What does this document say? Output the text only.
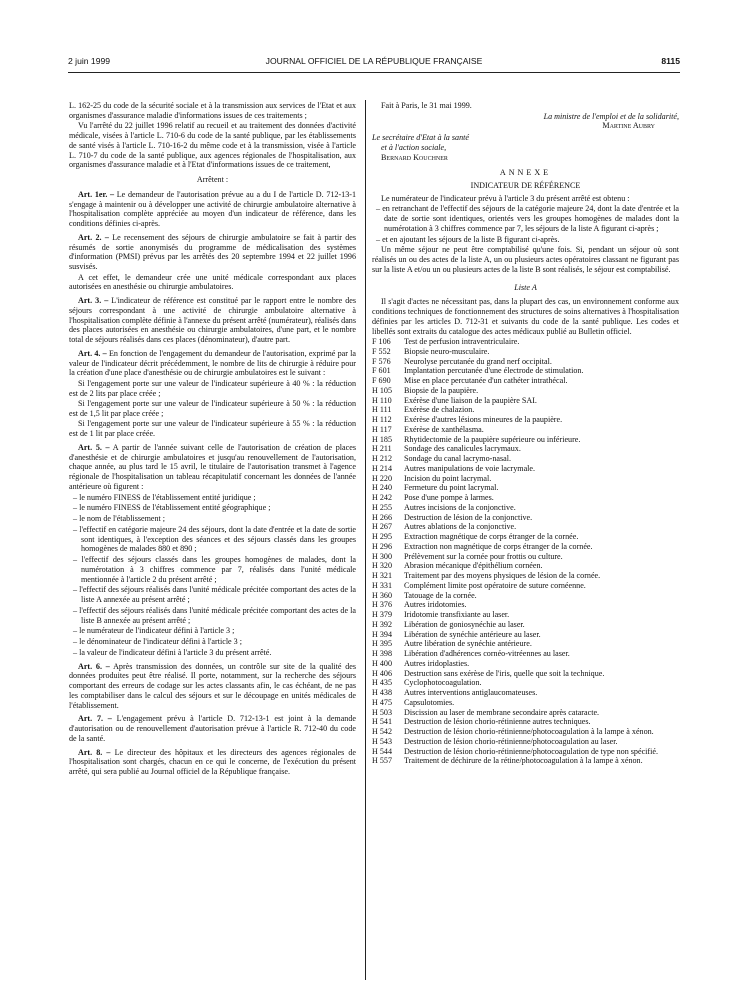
2 juin 1999	JOURNAL OFFICIEL DE LA RÉPUBLIQUE FRANÇAISE	8115

L. 162-25 du code de la sécurité sociale et à la transmission aux services de l'Etat et aux organismes d'assurance maladie d'informations issues de ces traitements ;

Vu l'arrêté du 22 juillet 1996 relatif au recueil et au traitement des données d'activité médicale, visées à l'article L. 710-6 du code de la santé publique, par les établissements de santé visés à l'article L. 710-16-2 du même code et à la transmission, visée à l'article L. 710-7 du code de la santé publique, aux agences régionales de l'hospitalisation, aux organismes d'assurance maladie et à l'Etat d'informations issues de ce traitement,

Arrêtent :

Art. 1er. – Le demandeur de l'autorisation prévue au a du I de l'article D. 712-13-1 s'engage à maintenir ou à développer une activité de chirurgie ambulatoire alternative à l'hospitalisation complète appréciée au moyen d'un indicateur de référence, dans les conditions définies ci-après.

Art. 2. – Le recensement des séjours de chirurgie ambulatoire se fait à partir des résumés de sortie anonymisés du programme de médicalisation des systèmes d'information (PMSI) prévus par les arrêtés des 20 septembre 1994 et 22 juillet 1996 susvisés.

A cet effet, le demandeur crée une unité médicale correspondant aux places autorisées en anesthésie ou chirurgie ambulatoires.

Art. 3. – L'indicateur de référence est constitué par le rapport entre le nombre des séjours correspondant à une activité de chirurgie ambulatoire alternative à l'hospitalisation complète définie à l'annexe du présent arrêté (numérateur), réalisés dans des places autorisées en anesthésie ou chirurgie ambulatoires, d'une part, et le nombre total de séjours réalisés dans ces places (dénominateur), d'autre part.

Art. 4. – En fonction de l'engagement du demandeur de l'autorisation, exprimé par la valeur de l'indicateur décrit précédemment, le nombre de lits de chirurgie à réduire pour la création d'une place d'anesthésie ou de chirurgie ambulatoires est le suivant :

Si l'engagement porte sur une valeur de l'indicateur supérieure à 40 % : la réduction est de 2 lits par place créée ;

Si l'engagement porte sur une valeur de l'indicateur supérieure à 50 % : la réduction est de 1,5 lit par place créée ;

Si l'engagement porte sur une valeur de l'indicateur supérieure à 55 % : la réduction est de 1 lit par place créée.

Art. 5. – A partir de l'année suivant celle de l'autorisation de création de places d'anesthésie et de chirurgie ambulatoires et jusqu'au renouvellement de l'autorisation, chaque année, au plus tard le 15 avril, le titulaire de l'autorisation transmet à l'agence régionale de l'hospitalisation un tableau récapitulatif concernant les données de l'année antérieure où figurent :

– le numéro FINESS de l'établissement entité juridique ;
– le numéro FINESS de l'établissement entité géographique ;
– le nom de l'établissement ;
– l'effectif en catégorie majeure 24 des séjours, dont la date d'entrée et la date de sortie sont identiques, à l'exception des séances et des séjours classés dans les groupes homogènes de malades 880 et 890 ;
– l'effectif des séjours classés dans les groupes homogènes de malades, dont la numérotation à 3 chiffres commence par 7, réalisés dans l'unité médicale mentionnée à l'article 2 du présent arrêté ;
– l'effectif des séjours réalisés dans l'unité médicale précitée comportant des actes de la liste A annexée au présent arrêté ;
– l'effectif des séjours réalisés dans l'unité médicale précitée comportant des actes de la liste B annexée au présent arrêté ;
– le numérateur de l'indicateur défini à l'article 3 ;
– le dénominateur de l'indicateur défini à l'article 3 ;
– la valeur de l'indicateur défini à l'article 3 du présent arrêté.

Art. 6. – Après transmission des données, un contrôle sur site de la qualité des données produites peut être réalisé. Il porte, notamment, sur la recherche des séjours comportant des erreurs de codage sur les actes classants afin, le cas échéant, de ne pas les comptabiliser dans le calcul des séjours et sur le découpage en unités médicales de l'établissement.

Art. 7. – L'engagement prévu à l'article D. 712-13-1 est joint à la demande d'autorisation ou de renouvellement d'autorisation prévue à l'article R. 712-40 du code de la santé.

Art. 8. – Le directeur des hôpitaux et les directeurs des agences régionales de l'hospitalisation sont chargés, chacun en ce qui le concerne, de l'exécution du présent arrêté, qui sera publié au Journal officiel de la République française.

Fait à Paris, le 31 mai 1999.

La ministre de l'emploi et de la solidarité,
Martine Aubry
Le secrétaire d'Etat à la santé
et à l'action sociale,
Bernard Kouchner
ANNEXE
INDICATEUR DE RÉFÉRENCE

Le numérateur de l'indicateur prévu à l'article 3 du présent arrêté est obtenu :

– en retranchant de l'effectif des séjours de la catégorie majeure 24, dont la date d'entrée et la date de sortie sont identiques, orientés vers les groupes homogènes de malades dont la numérotation à 3 chiffres commence par 7, les séjours de la liste A figurant ci-après ;
– et en ajoutant les séjours de la liste B figurant ci-après.

Un même séjour ne peut être comptabilisé qu'une fois. Si, pendant un séjour où sont réalisés un ou des actes de la liste A, un ou plusieurs actes opératoires classant ne figurant pas sur la liste A et/ou un ou plusieurs actes de la liste B sont réalisés, le séjour est comptabilisé.

Liste A

Il s'agit d'actes ne nécessitant pas, dans la plupart des cas, un environnement conforme aux conditions techniques de fonctionnement des structures de soins alternatives à l'hospitalisation définies par les articles D. 712-31 et suivants du code de la santé publique. Les codes et libellés sont extraits du catalogue des actes médicaux publié au Bulletin officiel.

F 106	Test de perfusion intraventriculaire.
F 552	Biopsie neuro-musculaire.
F 576	Neurolyse percutanée du grand nerf occipital.
F 601	Implantation percutanée d'une électrode de stimulation.
F 690	Mise en place percutanée d'un cathéter intrathécal.
H 105	Biopsie de la paupière.
H 110	Exérèse d'une liaison de la paupière SAI.
H 111	Exérèse de chalazion.
H 112	Exérèse d'autres lésions mineures de la paupière.
H 117	Exérèse de xanthélasma.
H 185	Rhytidectomie de la paupière supérieure ou inférieure.
H 211	Sondage des canalicules lacrymaux.
H 212	Sondage du canal lacrymo-nasal.
H 214	Autres manipulations de voie lacrymale.
H 220	Incision du point lacrymal.
H 240	Fermeture du point lacrymal.
H 242	Pose d'une pompe à larmes.
H 255	Autres incisions de la conjonctive.
H 266	Destruction de lésion de la conjonctive.
H 267	Autres ablations de la conjonctive.
H 295	Extraction magnétique de corps étranger de la cornée.
H 296	Extraction non magnétique de corps étranger de la cornée.
H 300	Prélèvement sur la cornée pour frottis ou culture.
H 320	Abrasion mécanique d'épithélium cornéen.
H 321	Traitement par des moyens physiques de lésion de la cornée.
H 331	Complément limite post opératoire de suture cornéenne.
H 360	Tatouage de la cornée.
H 376	Autres iridotomies.
H 379	Iridotomie transfixiante au laser.
H 392	Libération de goniosynéchie au laser.
H 394	Libération de synéchie antérieure au laser.
H 395	Autre libération de synéchie antérieure.
H 398	Libération d'adhérences cornéo-vitréennes au laser.
H 400	Autres iridoplasties.
H 406	Destruction sans exérèse de l'iris, quelle que soit la technique.
H 435	Cyclophotocoagulation.
H 438	Autres interventions antiglaucomateuses.
H 475	Capsulotomies.
H 503	Discission au laser de membrane secondaire après cataracte.
H 541	Destruction de lésion chorio-rétinienne autres techniques.
H 542	Destruction de lésion chorio-rétinienne/photocoagulation à la lampe à xénon.
H 543	Destruction de lésion chorio-rétinienne/photocoagulation au laser.
H 544	Destruction de lésion chorio-rétinienne/photocoagulation de type non spécifié.
H 557	Traitement de déchirure de la rétine/photocoagulation à la lampe à xénon.
